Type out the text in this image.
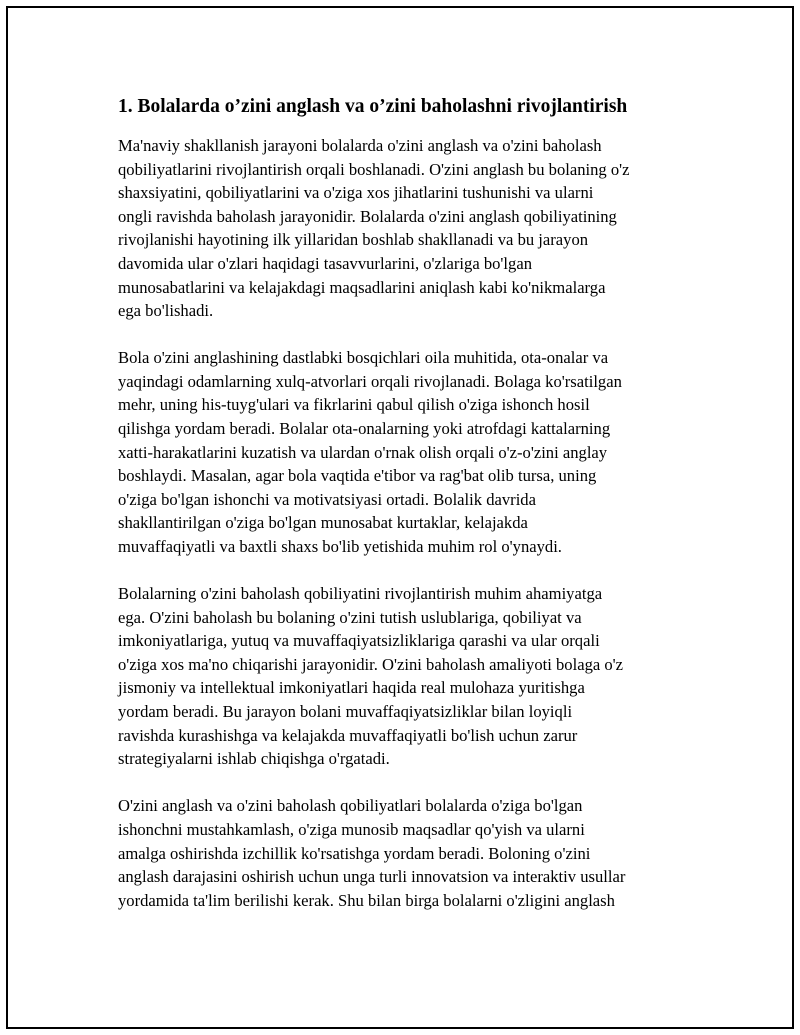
1. Bolalarda o’zini anglash va o’zini baholashni rivojlantirish
Ma'naviy shakllanish jarayoni bolalarda o'zini anglash va o'zini baholash
qobiliyatlarini rivojlantirish orqali boshlanadi. O'zini anglash bu bolaning o'z
shaxsiyatini, qobiliyatlarini va o'ziga xos jihatlarini tushunishi va ularni
ongli ravishda baholash jarayonidir. Bolalarda o'zini anglash qobiliyatining
rivojlanishi hayotining ilk yillaridan boshlab shakllanadi va bu jarayon
davomida ular o'zlari haqidagi tasavvurlarini, o'zlariga bo'lgan
munosabatlarini va kelajakdagi maqsadlarini aniqlash kabi ko'nikmalarga
ega bo'lishadi.
Bola o'zini anglashining dastlabki bosqichlari oila muhitida, ota-onalar va
yaqindagi odamlarning xulq-atvorlari orqali rivojlanadi. Bolaga ko'rsatilgan
mehr, uning his-tuyg'ulari va fikrlarini qabul qilish o'ziga ishonch hosil
qilishga yordam beradi. Bolalar ota-onalarning yoki atrofdagi kattalarning
xatti-harakatlarini kuzatish va ulardan o'rnak olish orqali o'z-o'zini anglay
boshlaydi. Masalan, agar bola vaqtida e'tibor va rag'bat olib tursa, uning
o'ziga bo'lgan ishonchi va motivatsiyasi ortadi. Bolalik davrida
shakllantirilgan o'ziga bo'lgan munosabat kurtaklar, kelajakda
muvaffaqiyatli va baxtli shaxs bo'lib yetishida muhim rol o'ynaydi.
Bolalarning o'zini baholash qobiliyatini rivojlantirish muhim ahamiyatga
ega. O'zini baholash bu bolaning o'zini tutish uslublariga, qobiliyat va
imkoniyatlariga, yutuq va muvaffaqiyatsizliklariga qarashi va ular orqali
o'ziga xos ma'no chiqarishi jarayonidir. O'zini baholash amaliyoti bolaga o'z
jismoniy va intellektual imkoniyatlari haqida real mulohaza yuritishga
yordam beradi. Bu jarayon bolani muvaffaqiyatsizliklar bilan loyiqli
ravishda kurashishga va kelajakda muvaffaqiyatli bo'lish uchun zarur
strategiyalarni ishlab chiqishga o'rgatadi.
O'zini anglash va o'zini baholash qobiliyatlari bolalarda o'ziga bo'lgan
ishonchni mustahkamlash, o'ziga munosib maqsadlar qo'yish va ularni
amalga oshirishda izchillik ko'rsatishga yordam beradi. Boloning o'zini
anglash darajasini oshirish uchun unga turli innovatsion va interaktiv usullar
yordamida ta'lim berilishi kerak. Shu bilan birga bolalarni o'zligini anglash
